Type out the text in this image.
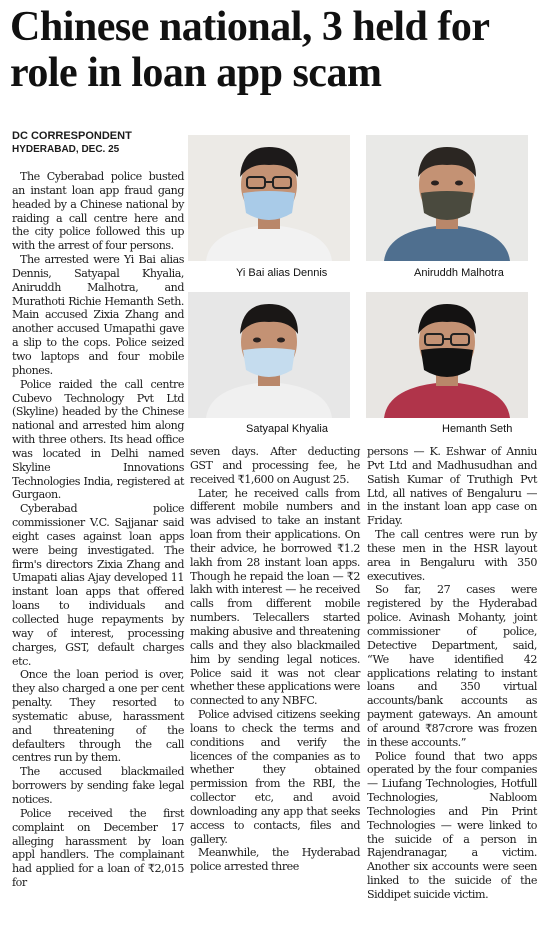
Chinese national, 3 held for role in loan app scam
DC CORRESPONDENT
HYDERABAD, DEC. 25

The Cyberabad police busted an instant loan app fraud gang headed by a Chinese national by raiding a call centre here and the city police followed this up with the arrest of four persons.

The arrested were Yi Bai alias Dennis, Satyapal Khyalia, Aniruddh Malhotra, and Murathoti Richie Hemanth Seth. Main accused Zixia Zhang and another accused Umapathi gave a slip to the cops. Police seized two laptops and four mobile phones.

Police raided the call centre Cubevo Technology Pvt Ltd (Skyline) headed by the Chinese national and arrested him along with three others. Its head office was located in Delhi named Skyline Innovations Technologies India, registered at Gurgaon.

Cyberabad police commissioner V.C. Sajjanar said eight cases against loan apps were being investigated. The firm's directors Zixia Zhang and Umapati alias Ajay developed 11 instant loan apps that offered loans to individuals and collected huge repayments by way of interest, processing charges, GST, default charges etc.

Once the loan period is over, they also charged a one per cent penalty. They resorted to systematic abuse, harassment and threatening of the defaulters through the call centres run by them.

The accused blackmailed borrowers by sending fake legal notices.

Police received the first complaint on December 17 alleging harassment by loan appl handlers. The complainant had applied for a loan of ₹2,015 for

seven days. After deducting GST and processing fee, he received ₹1,600 on August 25.

Later, he received calls from different mobile numbers and was advised to take an instant loan from their applications. On their advice, he borrowed ₹1.2 lakh from 28 instant loan apps. Though he repaid the loan — ₹2 lakh with interest — he received calls from different mobile numbers. Telecallers started making abusive and threatening calls and they also blackmailed him by sending legal notices. Police said it was not clear whether these applications were connected to any NBFC.

Police advised citizens seeking loans to check the terms and conditions and verify the licences of the companies as to whether they obtained permission from the RBI, the collector etc, and avoid downloading any app that seeks access to contacts, files and gallery.

Meanwhile, the Hyderabad police arrested three

persons — K. Eshwar of Anniu Pvt Ltd and Madhusudhan and Satish Kumar of Truthigh Pvt Ltd, all natives of Bengaluru — in the instant loan app case on Friday.

The call centres were run by these men in the HSR layout area in Bengaluru with 350 executives.

So far, 27 cases were registered by the Hyderabad police. Avinash Mohanty, joint commissioner of police, Detective Department, said, “We have identified 42 applications relating to instant loans and 350 virtual accounts/bank accounts as payment gateways. An amount of around ₹87crore was frozen in these accounts.”

Police found that two apps operated by the four companies — Liufang Technologies, Hotfull Technologies, Nabloom Technologies and Pin Print Technologies — were linked to the suicide of a person in Rajendranagar, a victim. Another six accounts were seen linked to the suicide of the Siddipet suicide victim.

Yi Bai alias Dennis	Aniruddh Malhotra
Satyapal Khyalia	Hemanth Seth
